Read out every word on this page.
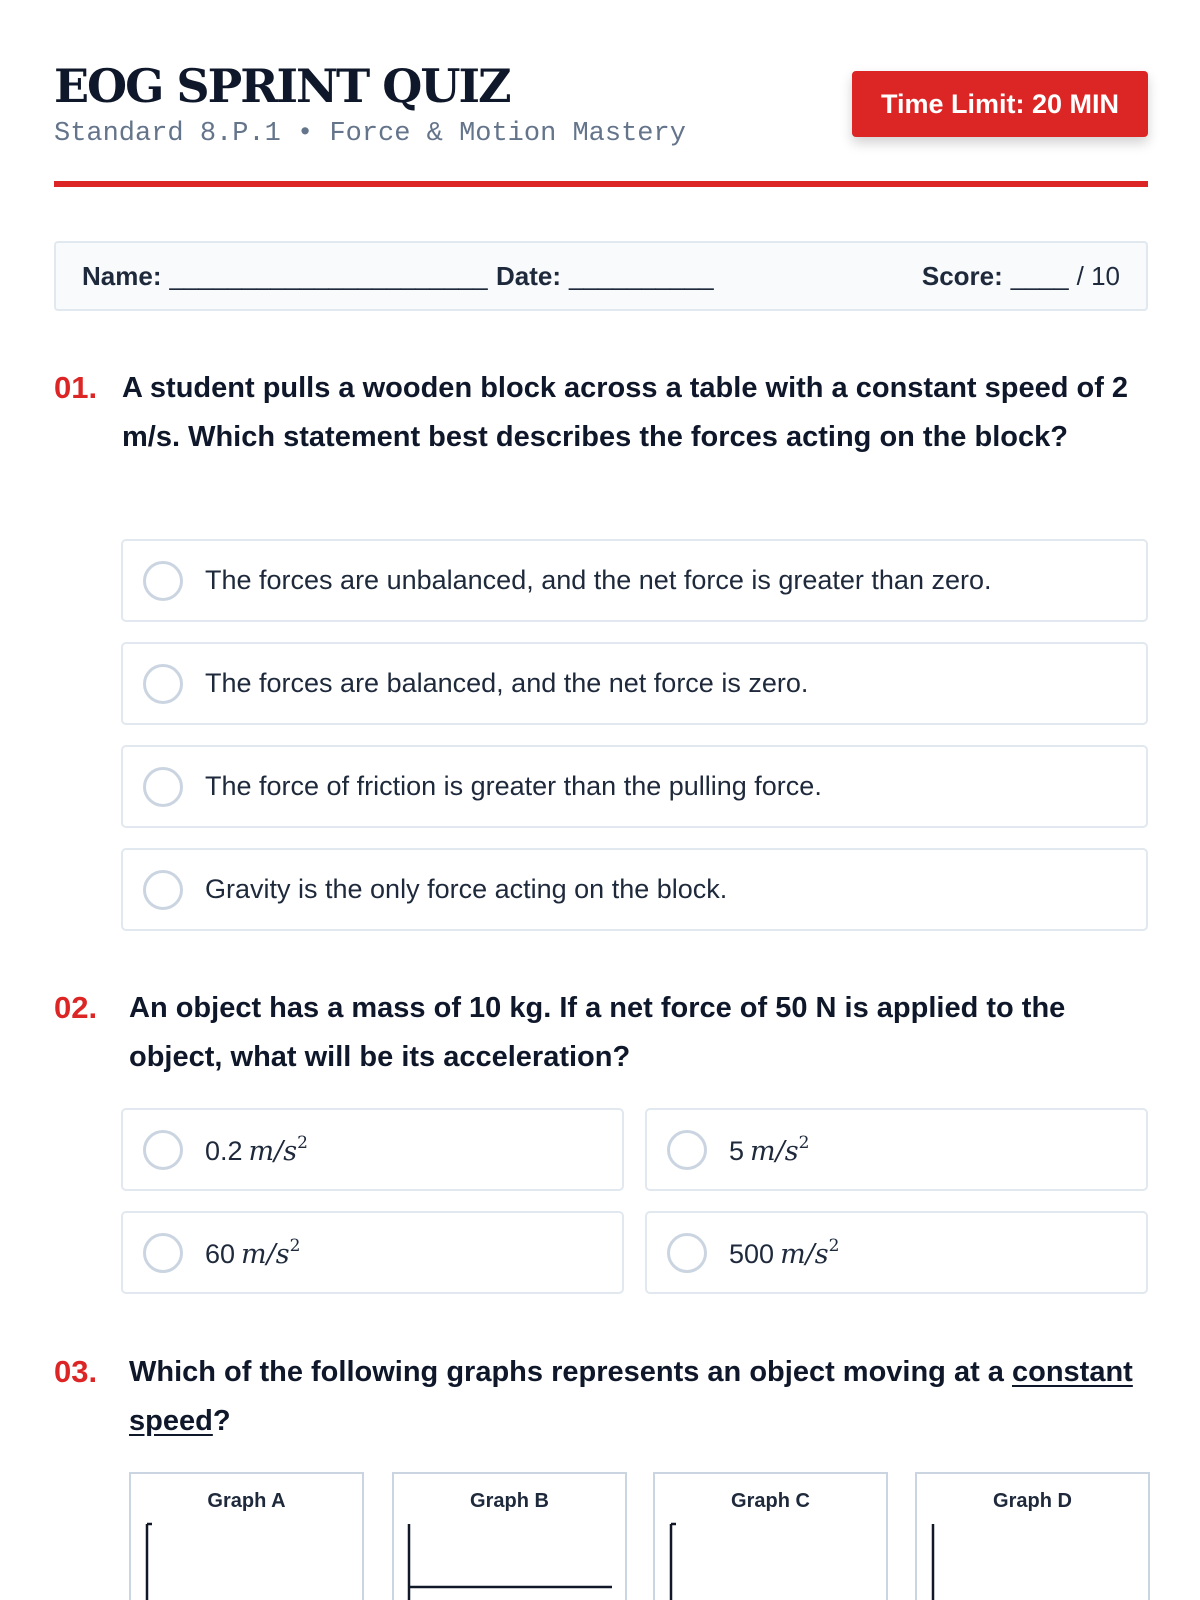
EOG SPRINT QUIZ
Standard 8.P.1 • Force & Motion Mastery
Time Limit: 20 MIN
Name: ______________________ Date: __________	Score: ____ / 10
01. A student pulls a wooden block across a table with a constant speed of 2 m/s. Which statement best describes the forces acting on the block?
The forces are unbalanced, and the net force is greater than zero.
The forces are balanced, and the net force is zero.
The force of friction is greater than the pulling force.
Gravity is the only force acting on the block.
02. An object has a mass of 10 kg. If a net force of 50 N is applied to the object, what will be its acceleration?
0.2 $m/s^2$	5 $m/s^2$
60 $m/s^2$	500 $m/s^2$
03. Which of the following graphs represents an object moving at a constant speed?
Graph A	Graph B	Graph C	Graph D
